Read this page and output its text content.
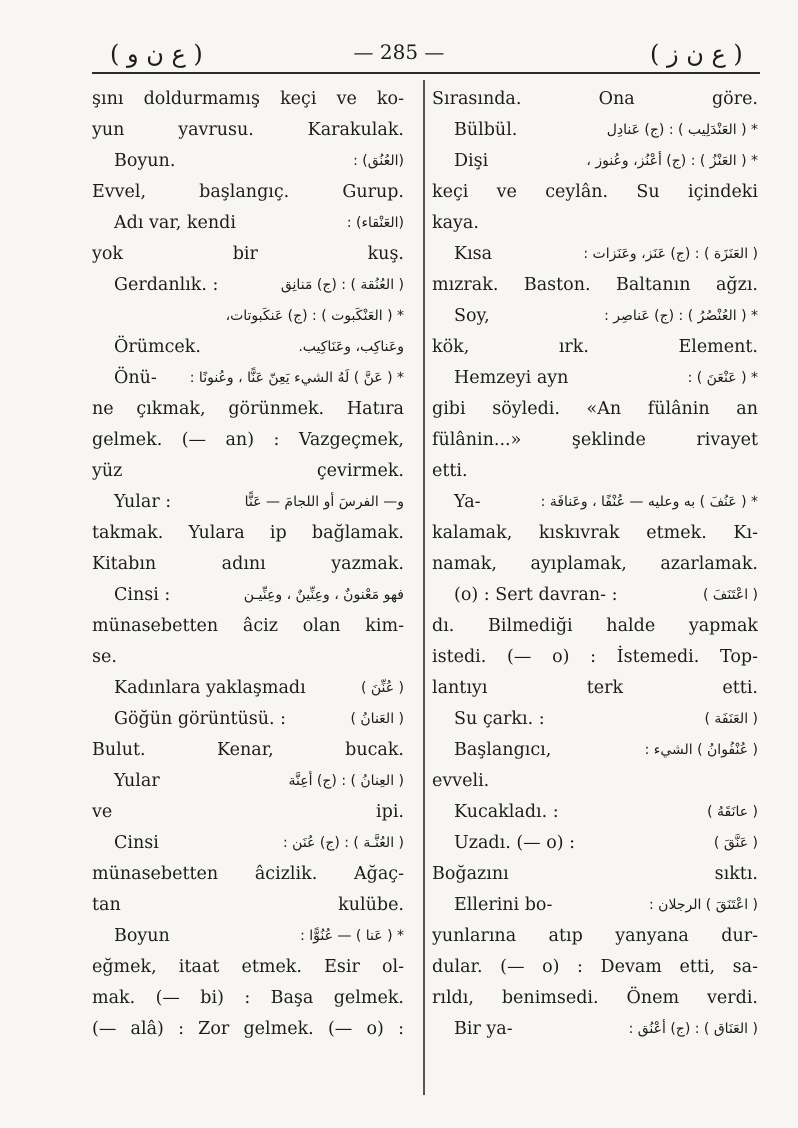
( ع ن و )	— 285 —	( ع ن ز )
şını doldurmamış keçi ve ko-
yun yavrusu. Karakulak.
Boyun.	(العُنُق) :
Evvel, başlangıç. Gurup.
Adı var, kendi	(العَنْقاء) :
yok bir kuş.
Gerdanlık. :	( العُنُقة ) : (ج) مَنانِق
* ( العَنْكَبوت ) : (ج) عَنكَبوتات،
Örümcek.	وعَناكِب، وعَنَاكِيب.
Önü- * ( عَنَّ ) لَهُ الشيء يَعِنّ عَنًّا ، وعُنونًا :
ne çıkmak, görünmek. Hatıra
gelmek. (— an) : Vazgeçmek,
yüz çevirmek.
Yular :	و— الفرسَ أو اللجامَ — عَنًّا
takmak. Yulara ip bağlamak.
Kitabın adını yazmak.
Cinsi :	فهو مَعْنونٌ ، وعِنِّينٌ ، وعِنِّيـن
münasebetten âciz olan kim-
se.
Kadınlara yaklaşmadı	( عُنِّنَ )
Göğün görüntüsü. :	( العَنانُ )
Bulut. Kenar, bucak.
Yular	( العِنانُ ) : (ج) أعِنَّة
ve ipi.
Cinsi	( العُنَّـة ) : (ج) عُنَن :
münasebetten âcizlik. Ağaç-
tan kulübe.
Boyun	* ( عَنا ) — عُنُوًّا :
eğmek, itaat etmek. Esir ol-
mak. (— bi) : Başa gelmek.
(— alâ) : Zor gelmek. (— o) :
Sırasında. Ona göre.
Bülbül.	* ( العَنْدَلِيب ) : (ج) عَنادِل
Dişi	* ( العَنْزُ ) : (ج) أعْنُز، وعُنوز ،
keçi ve ceylân. Su içindeki
kaya.
Kısa	( العَنَزَة ) : (ج) عَنَز، وعَنَزات :
mızrak. Baston. Baltanın ağzı.
Soy,	* ( العُنْصُرُ ) : (ج) عَناصِر :
kök, ırk. Element.
Hemzeyi ayn	* ( عَنْعَنَ ) :
gibi söyledi. «An fülânin an
fülânin...» şeklinde rivayet
etti.
Ya-	* ( عَنُفَ ) به وعليه — عُنْفًا ، وعَنافَة :
kalamak, kıskıvrak etmek. Kı-
namak, ayıplamak, azarlamak.
(o) : Sert davran- :	( اعْتَنَفَ )
dı. Bilmediği halde yapmak
istedi. (— o) : İstemedi. Top-
lantıyı terk etti.
Su çarkı. :	( العَنَفَة )
Başlangıcı,	( عُنْفُوانُ ) الشيء :
evveli.
Kucakladı. :	( عانَقَهُ )
Uzadı. (— o) :	( عَنَّقَ )
Boğazını sıktı.
Ellerini bo-	( اعْتَنَقَ ) الرجلان :
yunlarına atıp yanyana dur-
dular. (— o) : Devam etti, sa-
rıldı, benimsedi. Önem verdi.
Bir ya-	( العَنَاق ) : (ج) أعْنُق :
